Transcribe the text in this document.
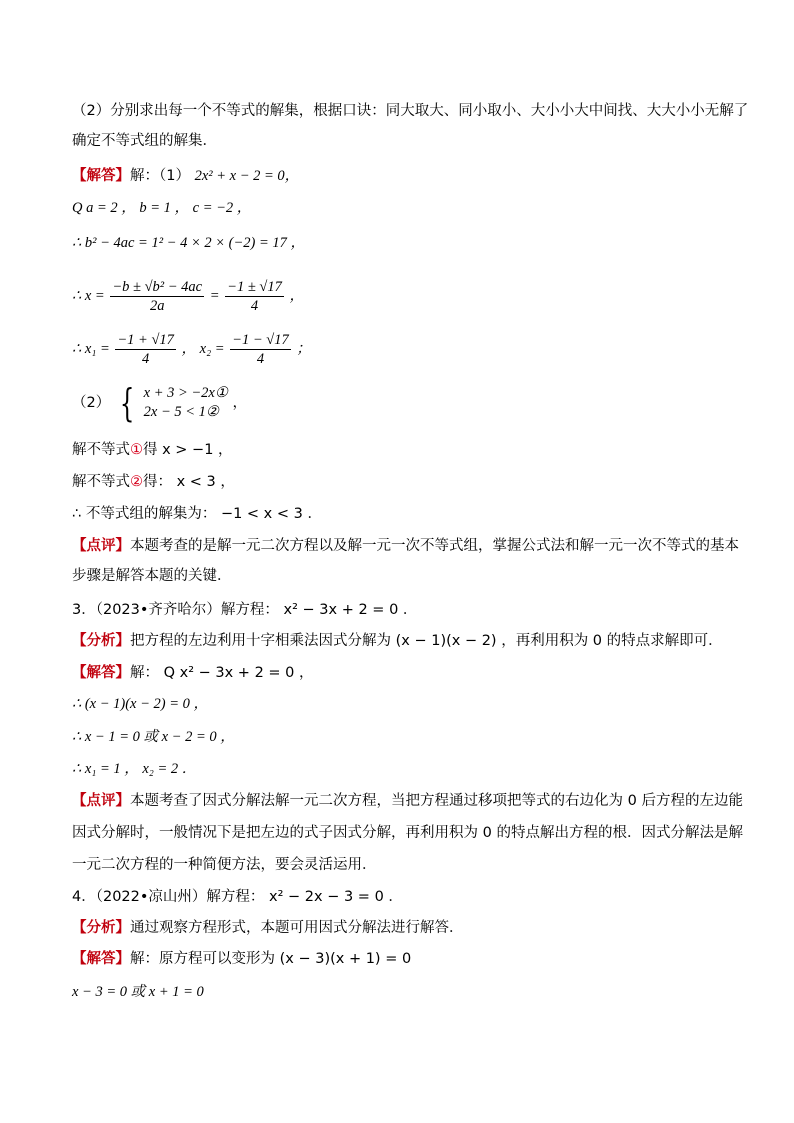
（2）分别求出每一个不等式的解集，根据口诀：同大取大、同小取小、大小小大中间找、大大小小无解了
确定不等式组的解集．
【解答】解：（1） 2x² + x − 2 = 0，
Q a = 2 ， b = 1 ， c = −2 ，
∴ b² − 4ac = 1² − 4 × 2 × (−2) = 17 ，
∴ $x = \frac{\text{−b ± √b² − 4ac}}{2a} = \frac{-1 \pm √17}{4}$ ，
∴ $x_1 = \frac{-1 + √17}{4}$ ， $x_2 = \frac{-1 - √17}{4}$ ；
（2） { x + 3 > −2x①
2x − 5 < 1②
，
解不等式①得 x > −1 ，
解不等式②得： x < 3 ，
∴ 不等式组的解集为： −1 < x < 3 ．
【点评】本题考查的是解一元二次方程以及解一元一次不等式组，掌握公式法和解一元一次不等式的基本
步骤是解答本题的关键．
3．（2023•齐齐哈尔）解方程： x² − 3x + 2 = 0 ．
【分析】把方程的左边利用十字相乘法因式分解为 (x − 1)(x − 2) ，再利用积为 0 的特点求解即可．
【解答】解： Q x² − 3x + 2 = 0 ，
∴ (x − 1)(x − 2) = 0 ，
∴ x − 1 = 0 或 x − 2 = 0 ，
∴ x₁ = 1 ， x₂ = 2 ．
【点评】本题考查了因式分解法解一元二次方程，当把方程通过移项把等式的右边化为 0 后方程的左边能
因式分解时，一般情况下是把左边的式子因式分解，再利用积为 0 的特点解出方程的根．因式分解法是解
一元二次方程的一种简便方法，要会灵活运用．
4．（2022•凉山州）解方程： x² − 2x − 3 = 0 ．
【分析】通过观察方程形式，本题可用因式分解法进行解答．
【解答】解：原方程可以变形为 (x − 3)(x + 1) = 0
x − 3 = 0 或 x + 1 = 0
